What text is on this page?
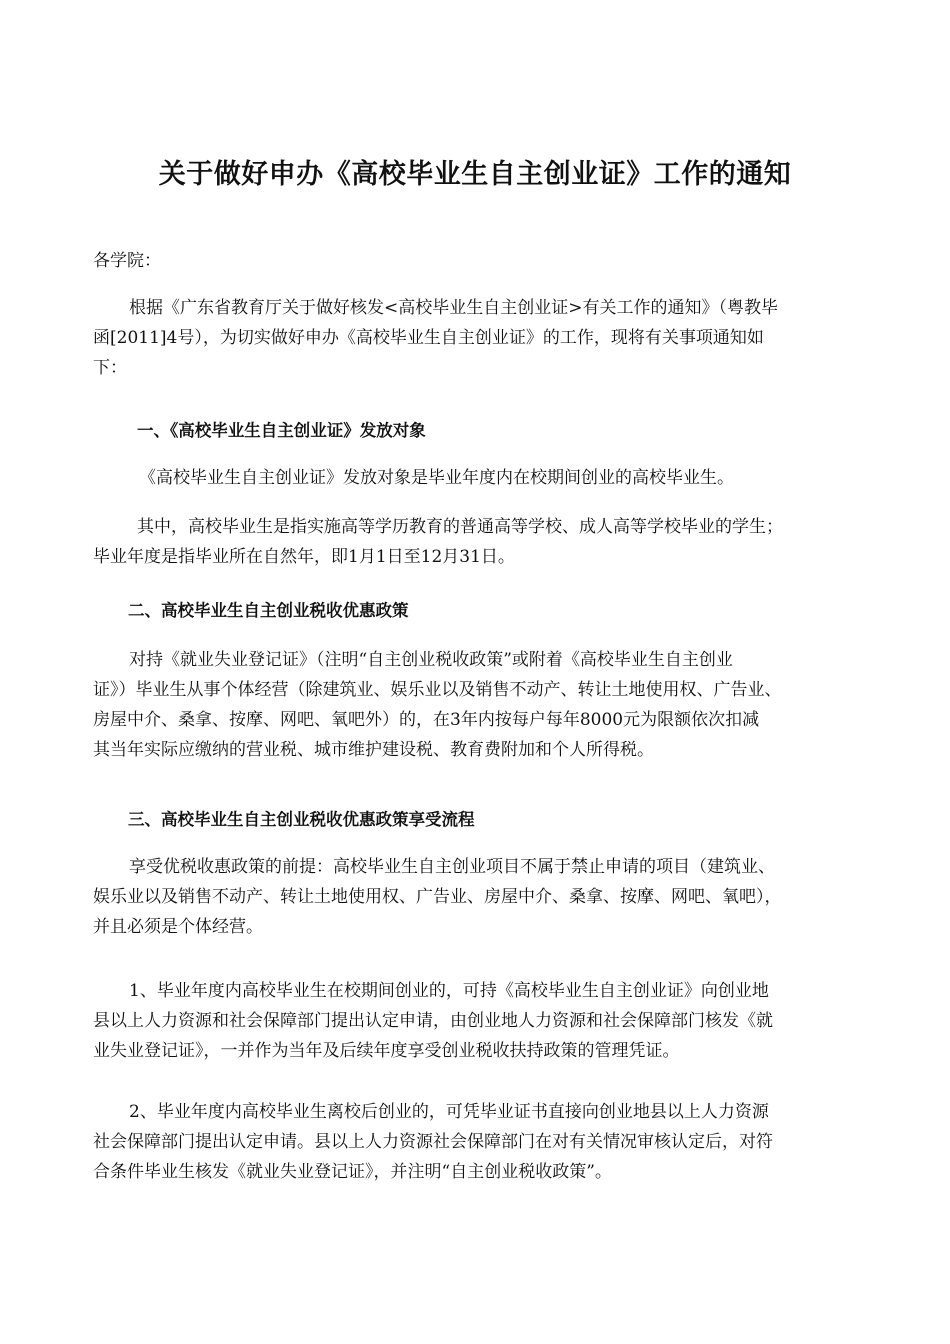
关于做好申办《高校毕业生自主创业证》工作的通知
各学院：
根据《广东省教育厅关于做好核发<高校毕业生自主创业证>有关工作的通知》（粤教毕
函[2011]4号），为切实做好申办《高校毕业生自主创业证》的工作，现将有关事项通知如
下：
一、《高校毕业生自主创业证》发放对象
《高校毕业生自主创业证》发放对象是毕业年度内在校期间创业的高校毕业生。
其中，高校毕业生是指实施高等学历教育的普通高等学校、成人高等学校毕业的学生；
毕业年度是指毕业所在自然年，即1月1日至12月31日。
二、高校毕业生自主创业税收优惠政策
对持《就业失业登记证》（注明“自主创业税收政策”或附着《高校毕业生自主创业
证》）毕业生从事个体经营（除建筑业、娱乐业以及销售不动产、转让土地使用权、广告业、
房屋中介、桑拿、按摩、网吧、氧吧外）的，在3年内按每户每年8000元为限额依次扣减
其当年实际应缴纳的营业税、城市维护建设税、教育费附加和个人所得税。
三、高校毕业生自主创业税收优惠政策享受流程
享受优税收惠政策的前提：高校毕业生自主创业项目不属于禁止申请的项目（建筑业、
娱乐业以及销售不动产、转让土地使用权、广告业、房屋中介、桑拿、按摩、网吧、氧吧），
并且必须是个体经营。
1、毕业年度内高校毕业生在校期间创业的，可持《高校毕业生自主创业证》向创业地
县以上人力资源和社会保障部门提出认定申请，由创业地人力资源和社会保障部门核发《就
业失业登记证》，一并作为当年及后续年度享受创业税收扶持政策的管理凭证。
2、毕业年度内高校毕业生离校后创业的，可凭毕业证书直接向创业地县以上人力资源
社会保障部门提出认定申请。县以上人力资源社会保障部门在对有关情况审核认定后，对符
合条件毕业生核发《就业失业登记证》，并注明“自主创业税收政策”。
